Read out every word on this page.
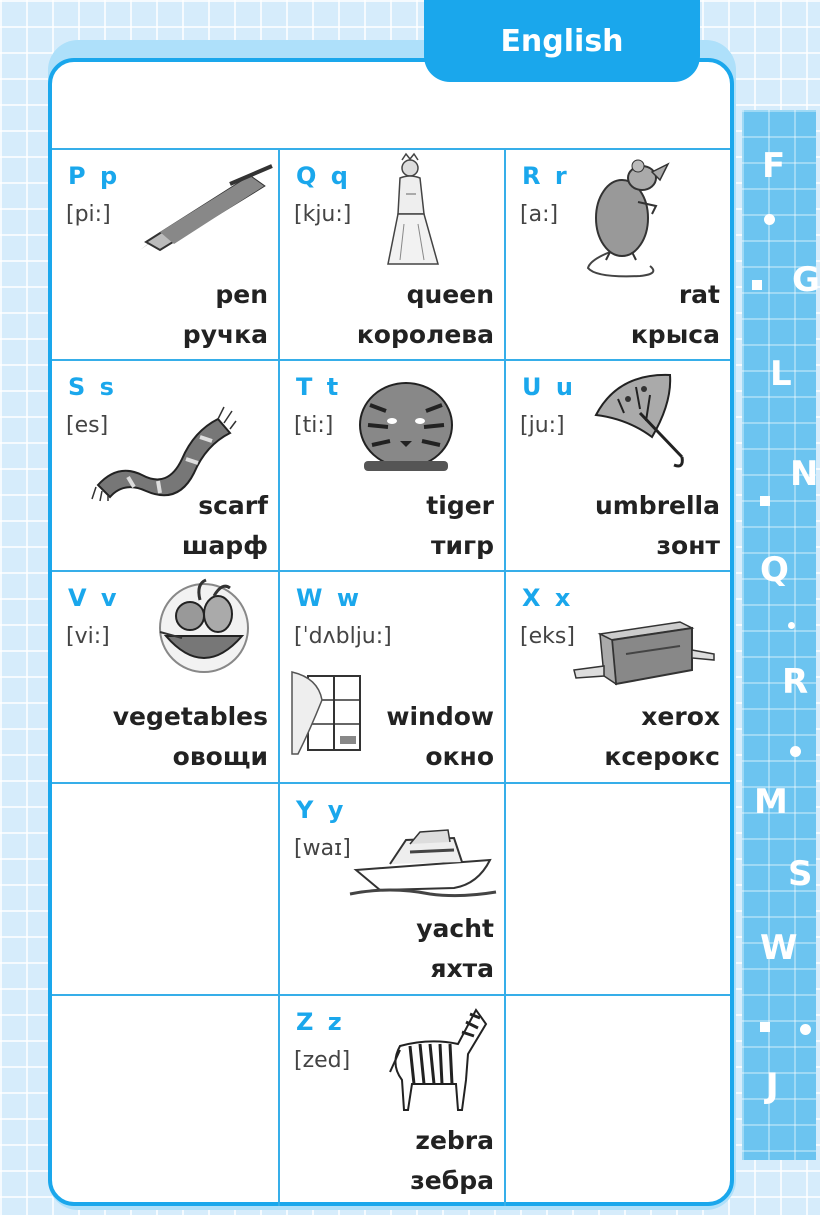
F
G
L
N
Q
R
M
S
W
J
P p
[pi:]
pen
ручка
Q q
[kju:]
queen
королева
R r
[a:]
rat
крыса
S s
[es]
scarf
шарф
T t
[ti:]
tiger
тигр
U u
[ju:]
umbrella
зонт
V v
[vi:]
vegetables
овощи
W w
[ˈdʌblju:]
window
окно
X x
[eks]
xerox
ксерокс
Y y
[waɪ]
yacht
яхта
Z z
[zed]
zebra
зебра
English
